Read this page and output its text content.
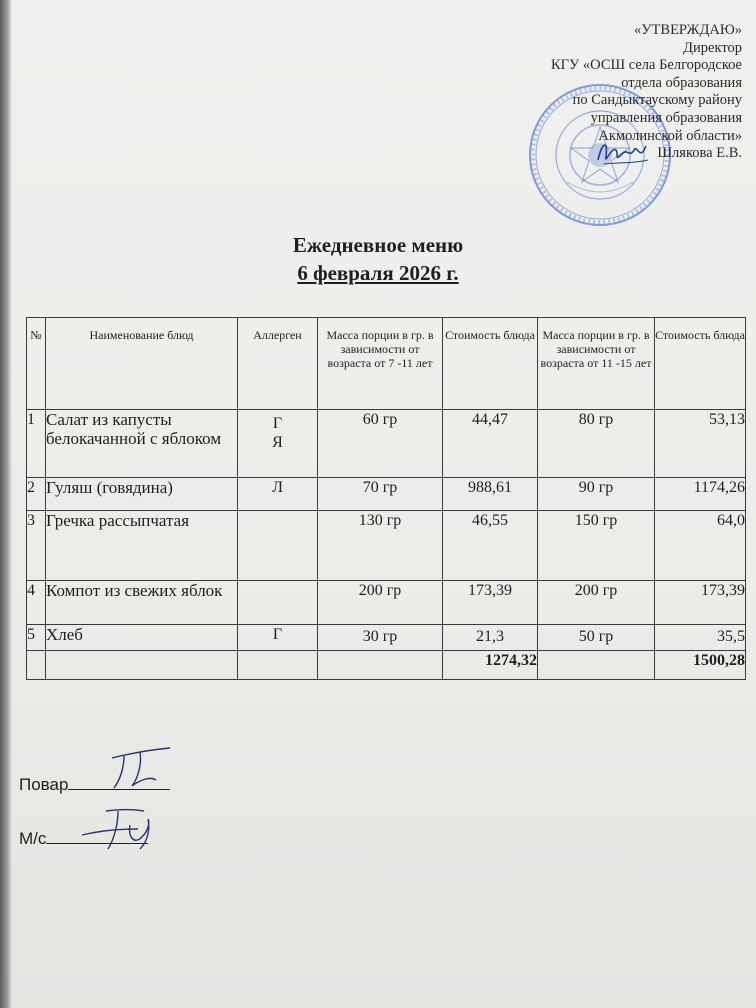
«УТВЕРЖДАЮ»
Директор
КГУ «ОСШ села Белгородское
отдела образования
по Сандыктаускому району
управления образования
Акмолинской области»
Шлякова Е.В.
Ежедневное меню
6 февраля 2026 г.
№	Наименование блюд	Аллерген	Масса порции в гр. в зависимости от возраста от 7 -11 лет	Стоимость блюда	Масса порции в гр. в зависимости от возраста от 11 -15 лет	Стоимость блюда
1	Салат из капусты белокачанной с яблоком	Г Я	60 гр	44,47	80 гр	53,13
2	Гуляш (говядина)	Л	70 гр	988,61	90 гр	1174,26
3	Гречка рассыпчатая		130 гр	46,55	150 гр	64,0
4	Компот из свежих яблок		200 гр	173,39	200 гр	173,39
5	Хлеб	Г	30 гр	21,3	50 гр	35,5
				1274,32		1500,28
Повар
М/с
